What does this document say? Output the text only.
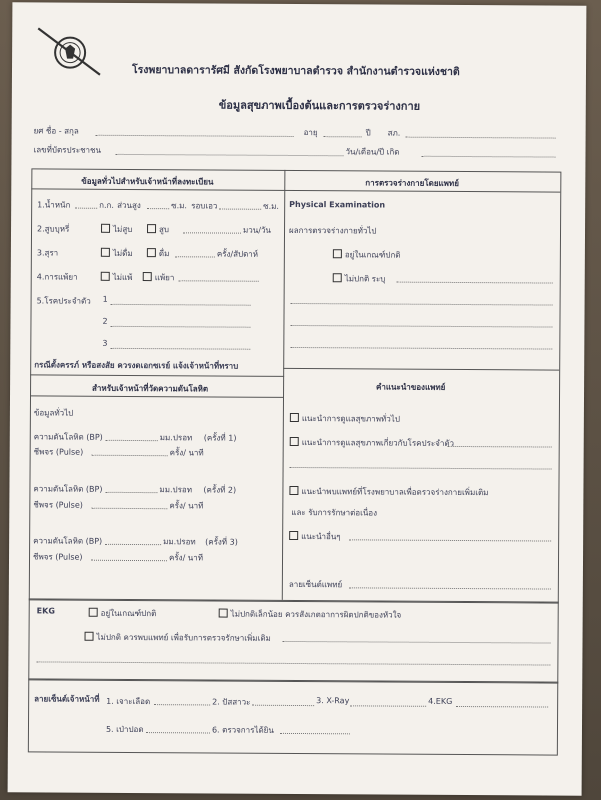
โรงพยาบาลดารารัศมี สังกัดโรงพยาบาลตำรวจ สำนักงานตำรวจแห่งชาติ
ข้อมูลสุขภาพเบื้องต้นและการตรวจร่างกาย
ยศ ชื่อ - สกุล	อายุ	ปี สภ.
เลขที่บัตรประชาชน	วัน/เดือน/ปี เกิด
ข้อมูลทั่วไปสำหรับเจ้าหน้าที่ลงทะเบียน	การตรวจร่างกายโดยแพทย์
1.น้ำหนัก	ก.ก. ส่วนสูง	ซ.ม. รอบเอว	ซ.ม.
2.สูบบุหรี่	ไม่สูบ	สูบ	มวน/วัน
3.สุรา	ไม่ดื่ม	ดื่ม	ครั้ง/สัปดาห์
4.การแพ้ยา	ไม่แพ้	แพ้ยา
5.โรคประจำตัว 1
2
3
กรณีตั้งครรภ์ หรือสงสัย ควรงดเอกซเรย์ แจ้งเจ้าหน้าที่ทราบ
สำหรับเจ้าหน้าที่วัดความดันโลหิต
ข้อมูลทั่วไป
ความดันโลหิต (BP)	มม.ปรอท (ครั้งที่ 1)
ชีพจร (Pulse)	ครั้ง/ นาที
ความดันโลหิต (BP)	มม.ปรอท (ครั้งที่ 2)
ชีพจร (Pulse)	ครั้ง/ นาที
ความดันโลหิต (BP)	มม.ปรอท (ครั้งที่ 3)
ชีพจร (Pulse)	ครั้ง/ นาที
Physical Examination
ผลการตรวจร่างกายทั่วไป
อยู่ในเกณฑ์ปกติ
ไม่ปกติ ระบุ
คำแนะนำของแพทย์
แนะนำการดูแลสุขภาพทั่วไป
แนะนำการดูแลสุขภาพเกี่ยวกับโรคประจำตัว
แนะนำพบแพทย์ที่โรงพยาบาลเพื่อตรวจร่างกายเพิ่มเติม
และ รับการรักษาต่อเนื่อง
แนะนำอื่นๆ
ลายเซ็นต์แพทย์
EKG	อยู่ในเกณฑ์ปกติ	ไม่ปกติเล็กน้อย ควรสังเกตอาการผิดปกติของหัวใจ
ไม่ปกติ ควรพบแพทย์ เพื่อรับการตรวจรักษาเพิ่มเติม
ลายเซ็นต์เจ้าหน้าที่ 1. เจาะเลือด	2. ปัสสาวะ	3. X-Ray	4.EKG
5. เป่าปอด	6. ตรวจการได้ยิน
